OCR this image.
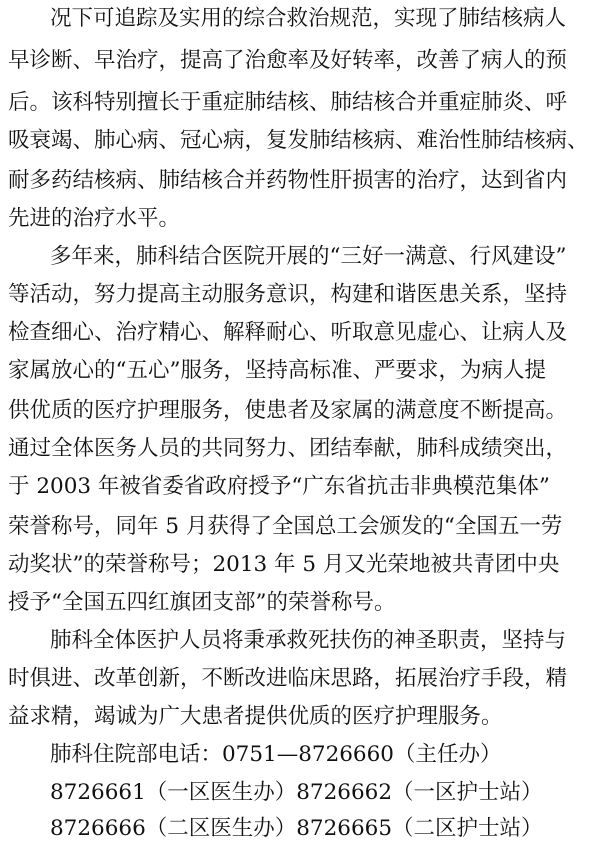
况下可追踪及实用的综合救治规范，实现了肺结核病人
早诊断、早治疗，提高了治愈率及好转率，改善了病人的预
后。该科特别擅长于重症肺结核、肺结核合并重症肺炎、呼
吸衰竭、肺心病、冠心病，复发肺结核病、难治性肺结核病、
耐多药结核病、肺结核合并药物性肝损害的治疗，达到省内
先进的治疗水平。
多年来，肺科结合医院开展的“三好一满意、行风建设”
等活动，努力提高主动服务意识，构建和谐医患关系，坚持
检查细心、治疗精心、解释耐心、听取意见虚心、让病人及
家属放心的“五心”服务，坚持高标准、严要求，为病人提
供优质的医疗护理服务，使患者及家属的满意度不断提高。
通过全体医务人员的共同努力、团结奉献，肺科成绩突出，
于 2003 年被省委省政府授予“广东省抗击非典模范集体”
荣誉称号，同年 5 月获得了全国总工会颁发的“全国五一劳
动奖状”的荣誉称号；2013 年 5 月又光荣地被共青团中央
授予“全国五四红旗团支部”的荣誉称号。
肺科全体医护人员将秉承救死扶伤的神圣职责，坚持与
时俱进、改革创新，不断改进临床思路，拓展治疗手段，精
益求精，竭诚为广大患者提供优质的医疗护理服务。
肺科住院部电话：0751—8726660（主任办）
8726661（一区医生办）8726662（一区护士站）
8726666（二区医生办）8726665（二区护士站）
